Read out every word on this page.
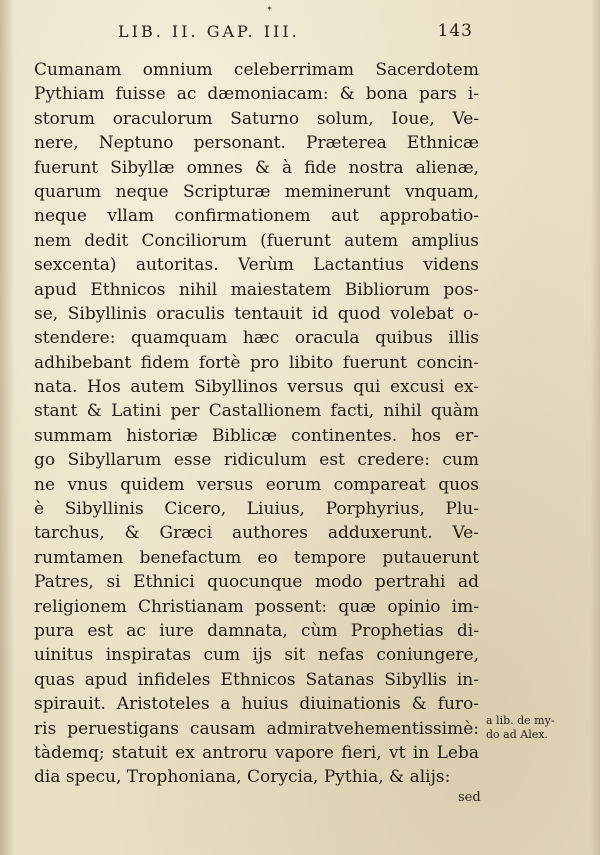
✦
LIB. II. GAP. III.	143
Cumanam omnium celeberrimam Sacerdotem
Pythiam fuisse ac dæmoniacam: & bona pars i-
storum oraculorum Saturno solum, Ioue, Ve-
nere, Neptuno personant. Præterea Ethnicæ
fuerunt Sibyllæ omnes & à fide nostra alienæ,
quarum neque Scripturæ meminerunt vnquam,
neque vllam confirmationem aut approbatio-
nem dedit Conciliorum (fuerunt autem amplius
sexcenta) autoritas. Verùm Lactantius videns
apud Ethnicos nihil maiestatem Bibliorum pos-
se, Sibyllinis oraculis tentauit id quod volebat o-
stendere: quamquam hæc oracula quibus illis
adhibebant fidem fortè pro libito fuerunt concin-
nata. Hos autem Sibyllinos versus qui excusi ex-
stant & Latini per Castallionem facti, nihil quàm
summam historiæ Biblicæ continentes. hos er-
go Sibyllarum esse ridiculum est credere: cum
ne vnus quidem versus eorum compareat quos
è Sibyllinis Cicero, Liuius, Porphyrius, Plu-
tarchus, & Græci authores adduxerunt. Ve-
rumtamen benefactum eo tempore putauerunt
Patres, si Ethnici quocunque modo pertrahi ad
religionem Christianam possent: quæ opinio im-
pura est ac iure damnata, cùm Prophetias di-
uinitus inspiratas cum ijs sit nefas coniungere,
quas apud infideles Ethnicos Satanas Sibyllis in-
spirauit. Aristoteles a huius diuinationis & furo-
ris peruestigans causam admiratvehementissimè:
tàdemq; statuit ex antroru vapore fieri, vt in Leba
dia specu, Trophoniana, Corycia, Pythia, & alijs:
a lib. de my-
do ad Alex.
sed
